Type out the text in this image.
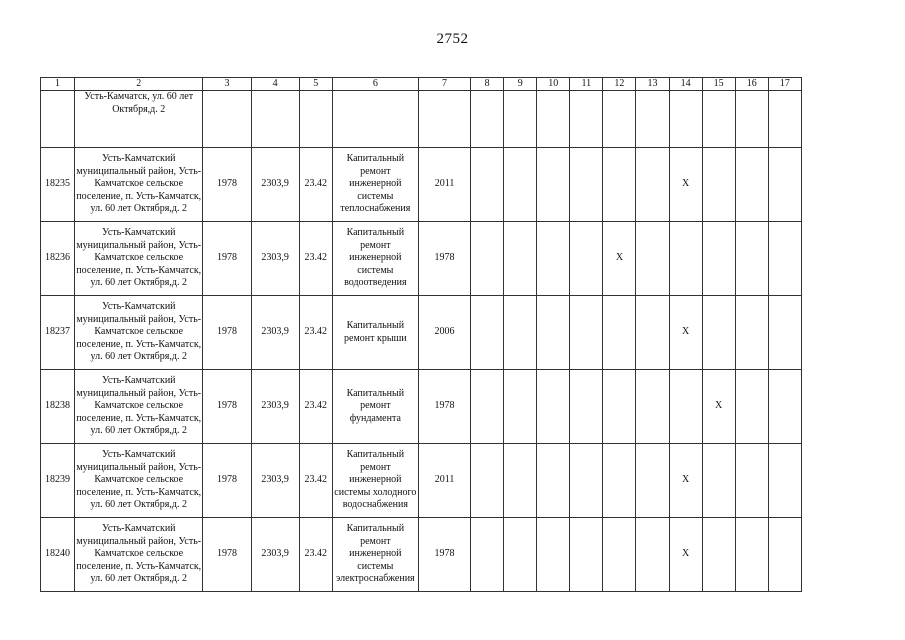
2752
1	2	3	4	5	6	7	8	9	10	11	12	13	14	15	16	17
	Усть-Камчатск, ул. 60 лет Октября,д. 2															
18235	Усть-Камчатский муниципальный район, Усть-Камчатское сельское поселение, п. Усть-Камчатск, ул. 60 лет Октября,д. 2	1978	2303,9	23.42	Капитальный ремонт инженерной системы теплоснабжения	2011							X			
18236	Усть-Камчатский муниципальный район, Усть-Камчатское сельское поселение, п. Усть-Камчатск, ул. 60 лет Октября,д. 2	1978	2303,9	23.42	Капитальный ремонт инженерной системы водоотведения	1978					X					
18237	Усть-Камчатский муниципальный район, Усть-Камчатское сельское поселение, п. Усть-Камчатск, ул. 60 лет Октября,д. 2	1978	2303,9	23.42	Капитальный ремонт крыши	2006							X			
18238	Усть-Камчатский муниципальный район, Усть-Камчатское сельское поселение, п. Усть-Камчатск, ул. 60 лет Октября,д. 2	1978	2303,9	23.42	Капитальный ремонт фундамента	1978								X		
18239	Усть-Камчатский муниципальный район, Усть-Камчатское сельское поселение, п. Усть-Камчатск, ул. 60 лет Октября,д. 2	1978	2303,9	23.42	Капитальный ремонт инженерной системы холодного водоснабжения	2011							X			
18240	Усть-Камчатский муниципальный район, Усть-Камчатское сельское поселение, п. Усть-Камчатск, ул. 60 лет Октября,д. 2	1978	2303,9	23.42	Капитальный ремонт инженерной системы электроснабжения	1978							X			
